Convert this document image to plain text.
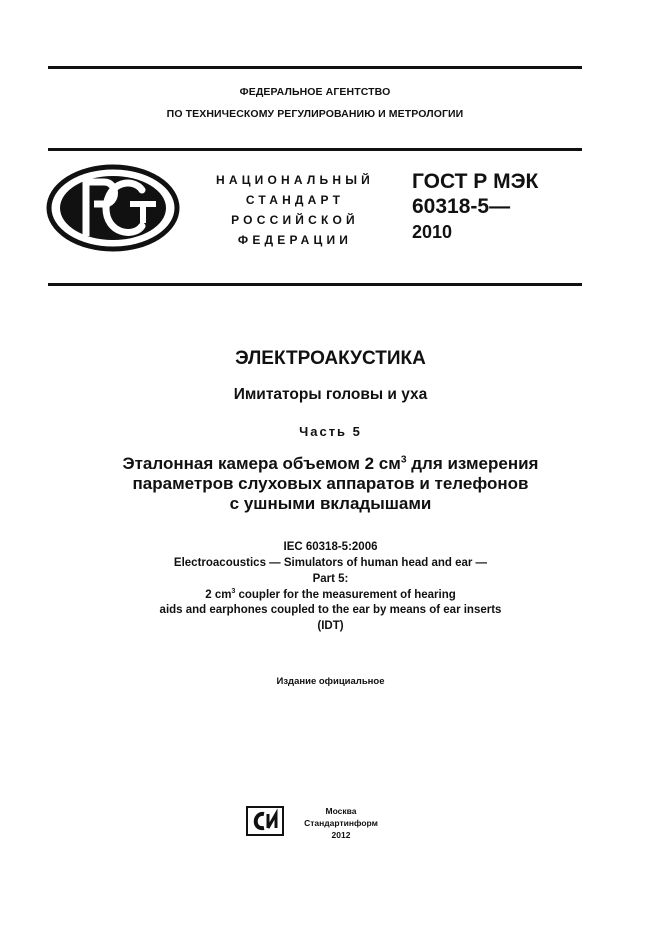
ФЕДЕРАЛЬНОЕ АГЕНТСТВО
ПО ТЕХНИЧЕСКОМУ РЕГУЛИРОВАНИЮ И МЕТРОЛОГИИ
НАЦИОНАЛЬНЫЙ
СТАНДАРТ
РОССИЙСКОЙ
ФЕДЕРАЦИИ
ГОСТ Р МЭК
60318-5—
2010
ЭЛЕКТРОАКУСТИКА
Имитаторы головы и уха
Часть 5
Эталонная камера объемом 2 $см^3$ для измерения
параметров слуховых аппаратов и телефонов
с ушными вкладышами
IEC 60318-5:2006
Electroacoustics — Simulators of human head and ear —
Part 5:
2 $cm^3$ coupler for the measurement of hearing
aids and earphones coupled to the ear by means of ear inserts
(IDT)
Издание официальное
Москва
Стандартинформ
2012
